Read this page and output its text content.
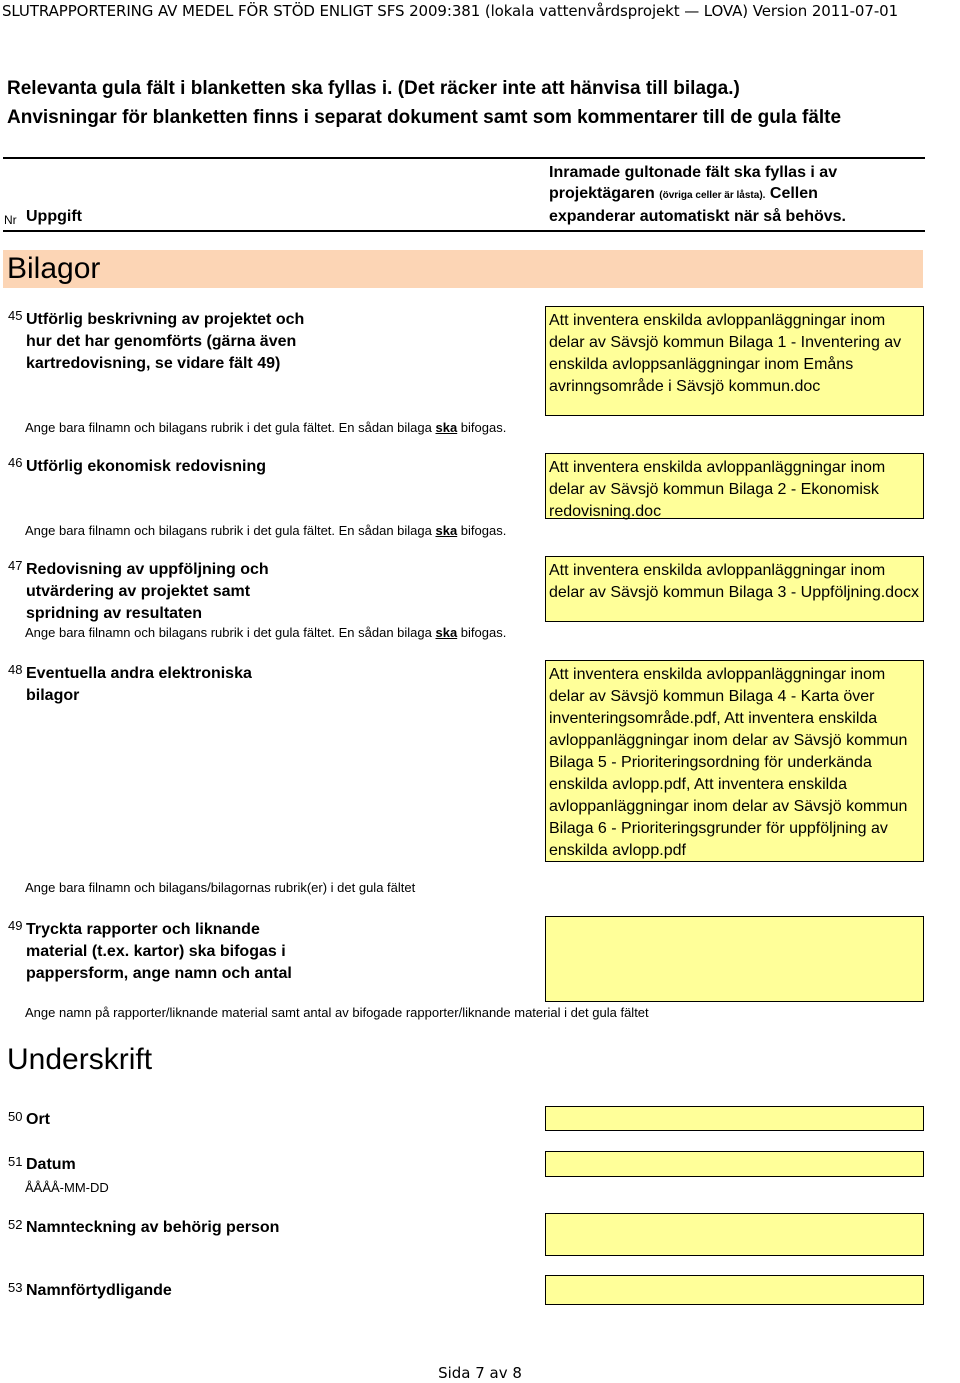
SLUTRAPPORTERING AV MEDEL FÖR STÖD ENLIGT SFS 2009:381 (lokala vattenvårdsprojekt — LOVA) Version 2011-07-01
Relevanta gula fält i blanketten ska fyllas i. (Det räcker inte att hänvisa till bilaga.)
Anvisningar för blanketten finns i separat dokument samt som kommentarer till de gula fälte
Nr Uppgift
Inramade gultonade fält ska fyllas i av
projektägaren (övriga celler är låsta). Cellen
expanderar automatiskt när så behövs.
Bilagor
45 Utförlig beskrivning av projektet och
hur det har genomförts (gärna även
kartredovisning, se vidare fält 49)
Att inventera enskilda avloppanläggningar inom delar av Sävsjö kommun Bilaga 1 - Inventering av enskilda avloppsanläggningar inom Emåns avrinngsområde i Sävsjö kommun.doc
Ange bara filnamn och bilagans rubrik i det gula fältet. En sådan bilaga ska bifogas.
46 Utförlig ekonomisk redovisning	Att inventera enskilda avloppanläggningar inom delar av Sävsjö kommun Bilaga 2 - Ekonomisk redovisning.doc
Ange bara filnamn och bilagans rubrik i det gula fältet. En sådan bilaga ska bifogas.
47 Redovisning av uppföljning och
utvärdering av projektet samt
spridning av resultaten
Att inventera enskilda avloppanläggningar inom delar av Sävsjö kommun Bilaga 3 - Uppföljning.docx
Ange bara filnamn och bilagans rubrik i det gula fältet. En sådan bilaga ska bifogas.
48 Eventuella andra elektroniska
bilagor
Att inventera enskilda avloppanläggningar inom delar av Sävsjö kommun Bilaga 4 - Karta över inventeringsområde.pdf, Att inventera enskilda avloppanläggningar inom delar av Sävsjö kommun Bilaga 5 - Prioriteringsordning för underkända enskilda avlopp.pdf, Att inventera enskilda avloppanläggningar inom delar av Sävsjö kommun Bilaga 6 - Prioriteringsgrunder för uppföljning av enskilda avlopp.pdf
Ange bara filnamn och bilagans/bilagornas rubrik(er) i det gula fältet
49 Tryckta rapporter och liknande
material (t.ex. kartor) ska bifogas i
pappersform, ange namn och antal
Ange namn på rapporter/liknande material samt antal av bifogade rapporter/liknande material i det gula fältet
Underskrift
50 Ort
51 Datum
ÅÅÅÅ-MM-DD
52 Namnteckning av behörig person
53 Namnförtydligande
Sida 7 av 8
